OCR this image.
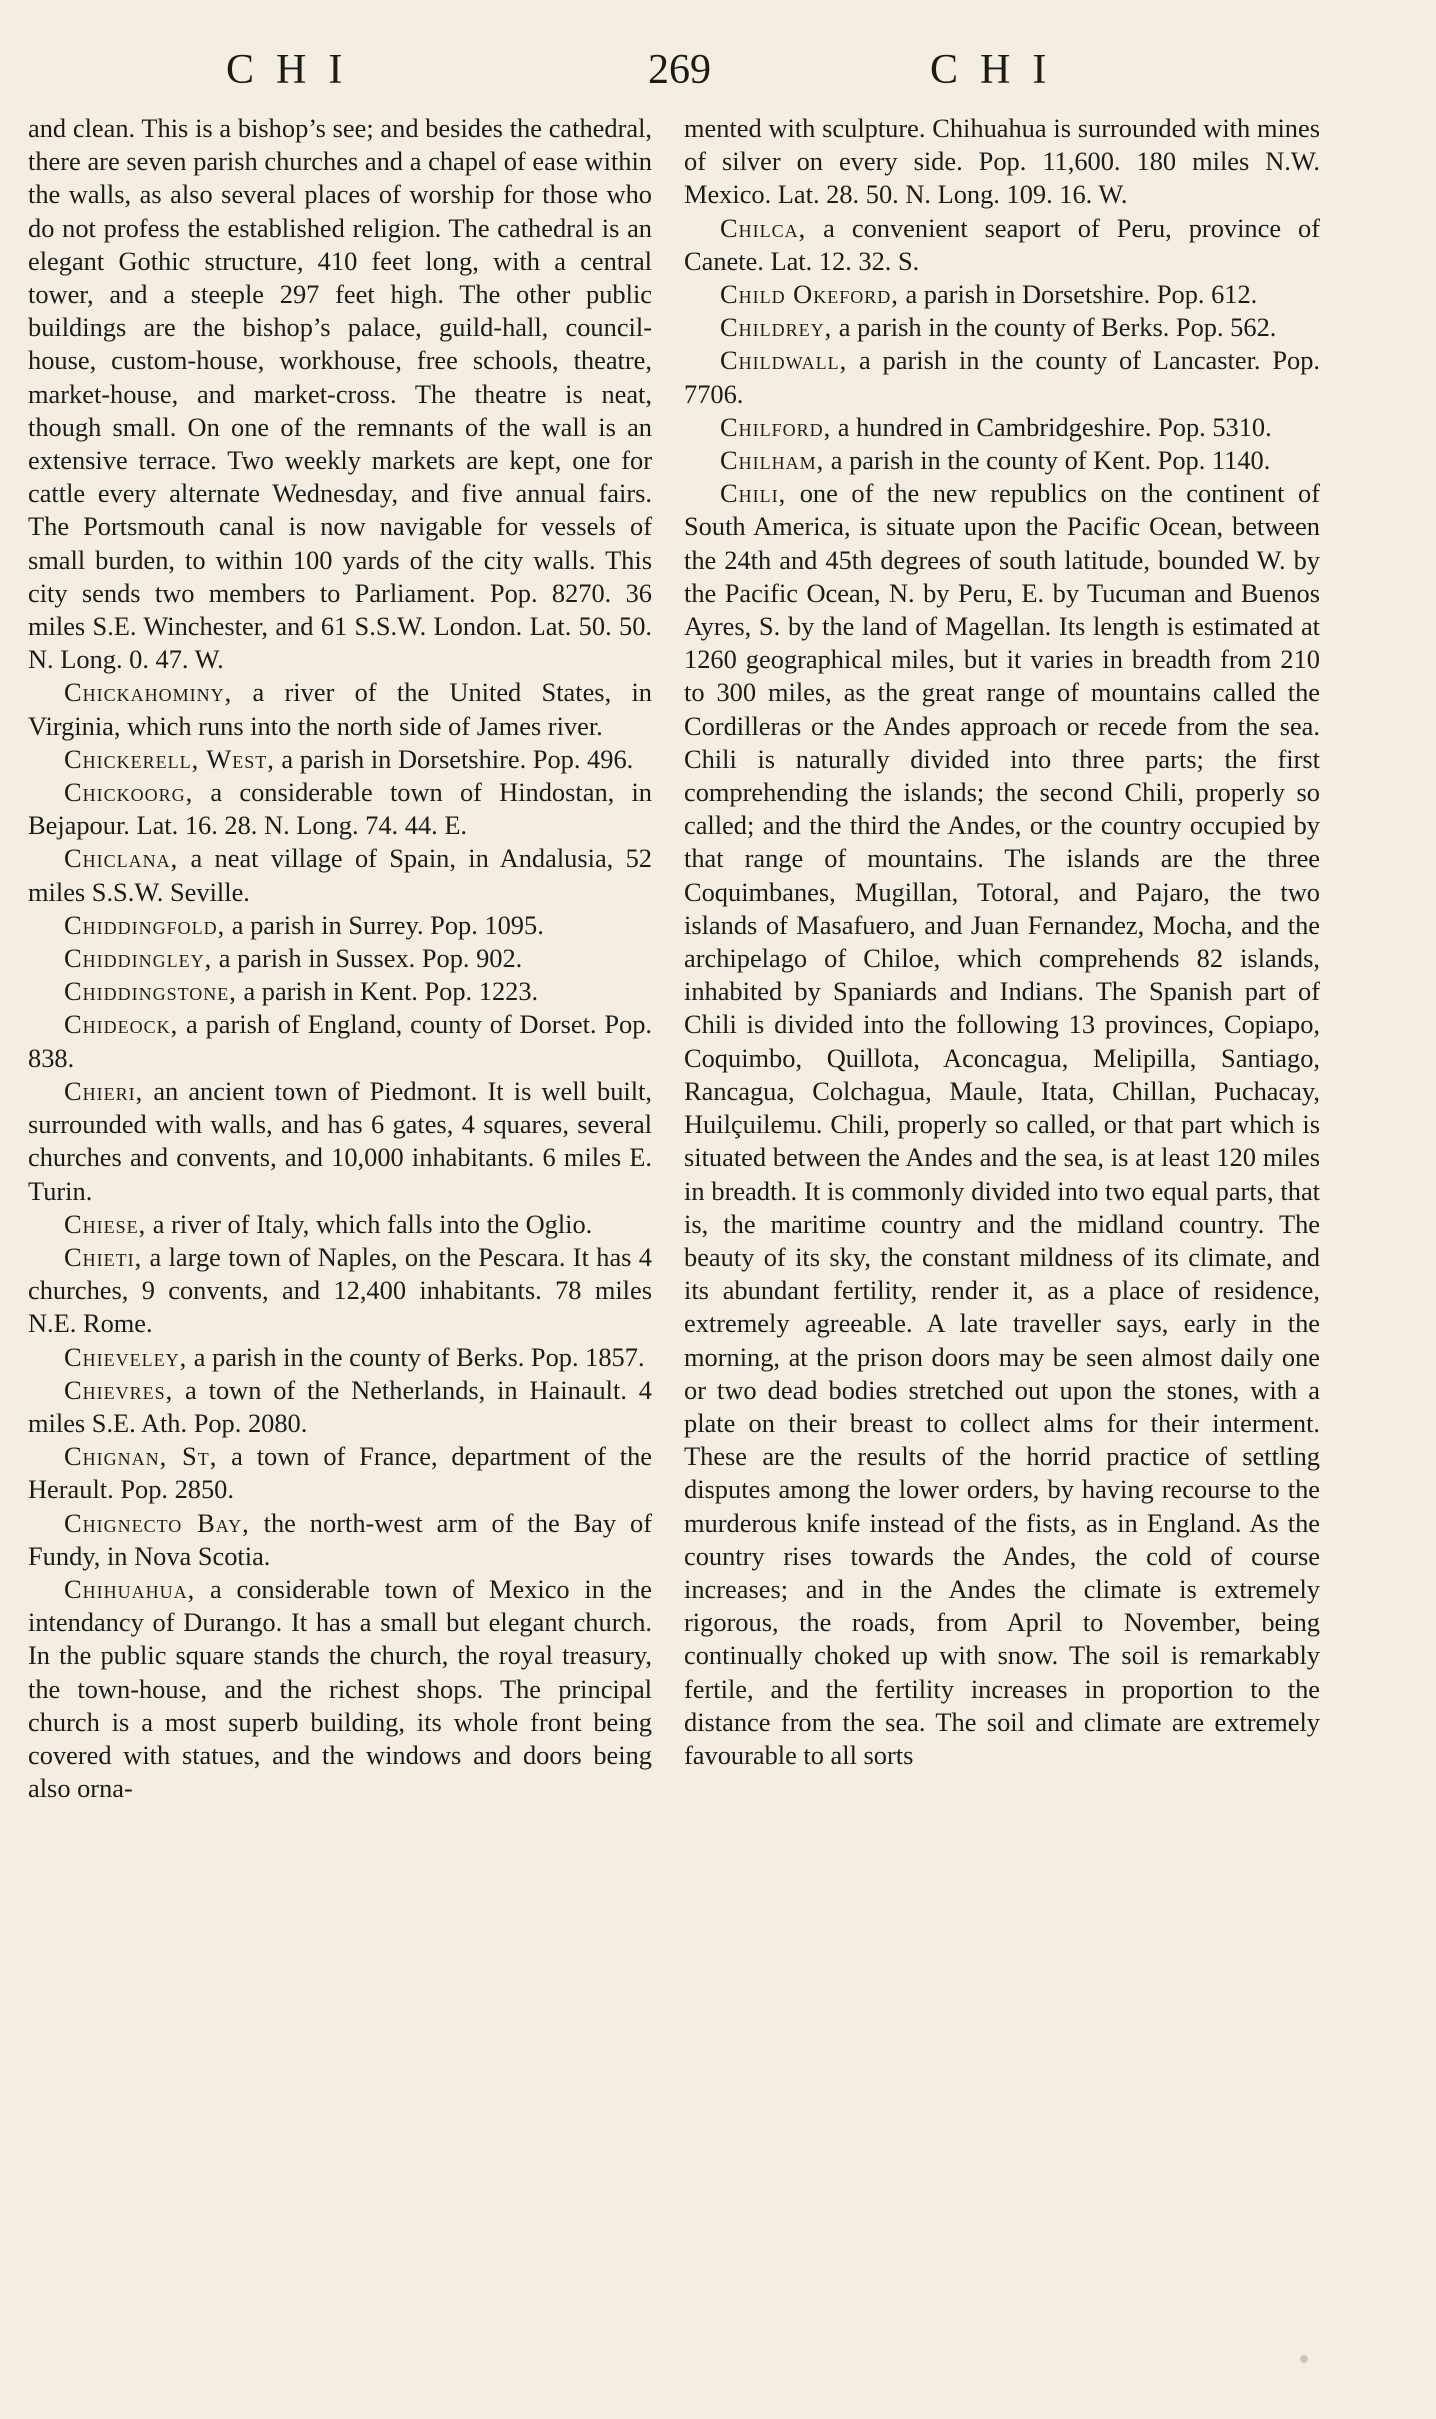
CHI	269	CHI

and clean. This is a bishop’s see; and besides the cathedral, there are seven parish churches and a chapel of ease within the walls, as also several places of worship for those who do not profess the established religion. The cathedral is an elegant Gothic structure, 410 feet long, with a central tower, and a steeple 297 feet high. The other public buildings are the bishop’s palace, guild-hall, council-house, custom-house, workhouse, free schools, theatre, market-house, and market-cross. The theatre is neat, though small. On one of the remnants of the wall is an extensive terrace. Two weekly markets are kept, one for cattle every alternate Wednesday, and five annual fairs. The Portsmouth canal is now navigable for vessels of small burden, to within 100 yards of the city walls. This city sends two members to Parliament. Pop. 8270. 36 miles S.E. Winchester, and 61 S.S.W. London. Lat. 50. 50. N. Long. 0. 47. W.

Chickahominy, a river of the United States, in Virginia, which runs into the north side of James river.

Chickerell, West, a parish in Dorsetshire. Pop. 496.

Chickoorg, a considerable town of Hindostan, in Bejapour. Lat. 16. 28. N. Long. 74. 44. E.

Chiclana, a neat village of Spain, in Andalusia, 52 miles S.S.W. Seville.

Chiddingfold, a parish in Surrey. Pop. 1095.

Chiddingley, a parish in Sussex. Pop. 902.

Chiddingstone, a parish in Kent. Pop. 1223.

Chideock, a parish of England, county of Dorset. Pop. 838.

Chieri, an ancient town of Piedmont. It is well built, surrounded with walls, and has 6 gates, 4 squares, several churches and convents, and 10,000 inhabitants. 6 miles E. Turin.

Chiese, a river of Italy, which falls into the Oglio.

Chieti, a large town of Naples, on the Pescara. It has 4 churches, 9 convents, and 12,400 inhabitants. 78 miles N.E. Rome.

Chieveley, a parish in the county of Berks. Pop. 1857.

Chievres, a town of the Netherlands, in Hainault. 4 miles S.E. Ath. Pop. 2080.

Chignan, St, a town of France, department of the Herault. Pop. 2850.

Chignecto Bay, the north-west arm of the Bay of Fundy, in Nova Scotia.

Chihuahua, a considerable town of Mexico in the intendancy of Durango. It has a small but elegant church. In the public square stands the church, the royal treasury, the town-house, and the richest shops. The principal church is a most superb building, its whole front being covered with statues, and the windows and doors being also orna-

mented with sculpture. Chihuahua is surrounded with mines of silver on every side. Pop. 11,600. 180 miles N.W. Mexico. Lat. 28. 50. N. Long. 109. 16. W.

Chilca, a convenient seaport of Peru, province of Canete. Lat. 12. 32. S.

Child Okeford, a parish in Dorsetshire. Pop. 612.

Childrey, a parish in the county of Berks. Pop. 562.

Childwall, a parish in the county of Lancaster. Pop. 7706.

Chilford, a hundred in Cambridgeshire. Pop. 5310.

Chilham, a parish in the county of Kent. Pop. 1140.

Chili, one of the new republics on the continent of South America, is situate upon the Pacific Ocean, between the 24th and 45th degrees of south latitude, bounded W. by the Pacific Ocean, N. by Peru, E. by Tucuman and Buenos Ayres, S. by the land of Magellan. Its length is estimated at 1260 geographical miles, but it varies in breadth from 210 to 300 miles, as the great range of mountains called the Cordilleras or the Andes approach or recede from the sea. Chili is naturally divided into three parts; the first comprehending the islands; the second Chili, properly so called; and the third the Andes, or the country occupied by that range of mountains. The islands are the three Coquimbanes, Mugillan, Totoral, and Pajaro, the two islands of Masafuero, and Juan Fernandez, Mocha, and the archipelago of Chiloe, which comprehends 82 islands, inhabited by Spaniards and Indians. The Spanish part of Chili is divided into the following 13 provinces, Copiapo, Coquimbo, Quillota, Aconcagua, Melipilla, Santiago, Rancagua, Colchagua, Maule, Itata, Chillan, Puchacay, Huilçuilemu. Chili, properly so called, or that part which is situated between the Andes and the sea, is at least 120 miles in breadth. It is commonly divided into two equal parts, that is, the maritime country and the midland country. The beauty of its sky, the constant mildness of its climate, and its abundant fertility, render it, as a place of residence, extremely agreeable. A late traveller says, early in the morning, at the prison doors may be seen almost daily one or two dead bodies stretched out upon the stones, with a plate on their breast to collect alms for their interment. These are the results of the horrid practice of settling disputes among the lower orders, by having recourse to the murderous knife instead of the fists, as in England. As the country rises towards the Andes, the cold of course increases; and in the Andes the climate is extremely rigorous, the roads, from April to November, being continually choked up with snow. The soil is remarkably fertile, and the fertility increases in proportion to the distance from the sea. The soil and climate are extremely favourable to all sorts
